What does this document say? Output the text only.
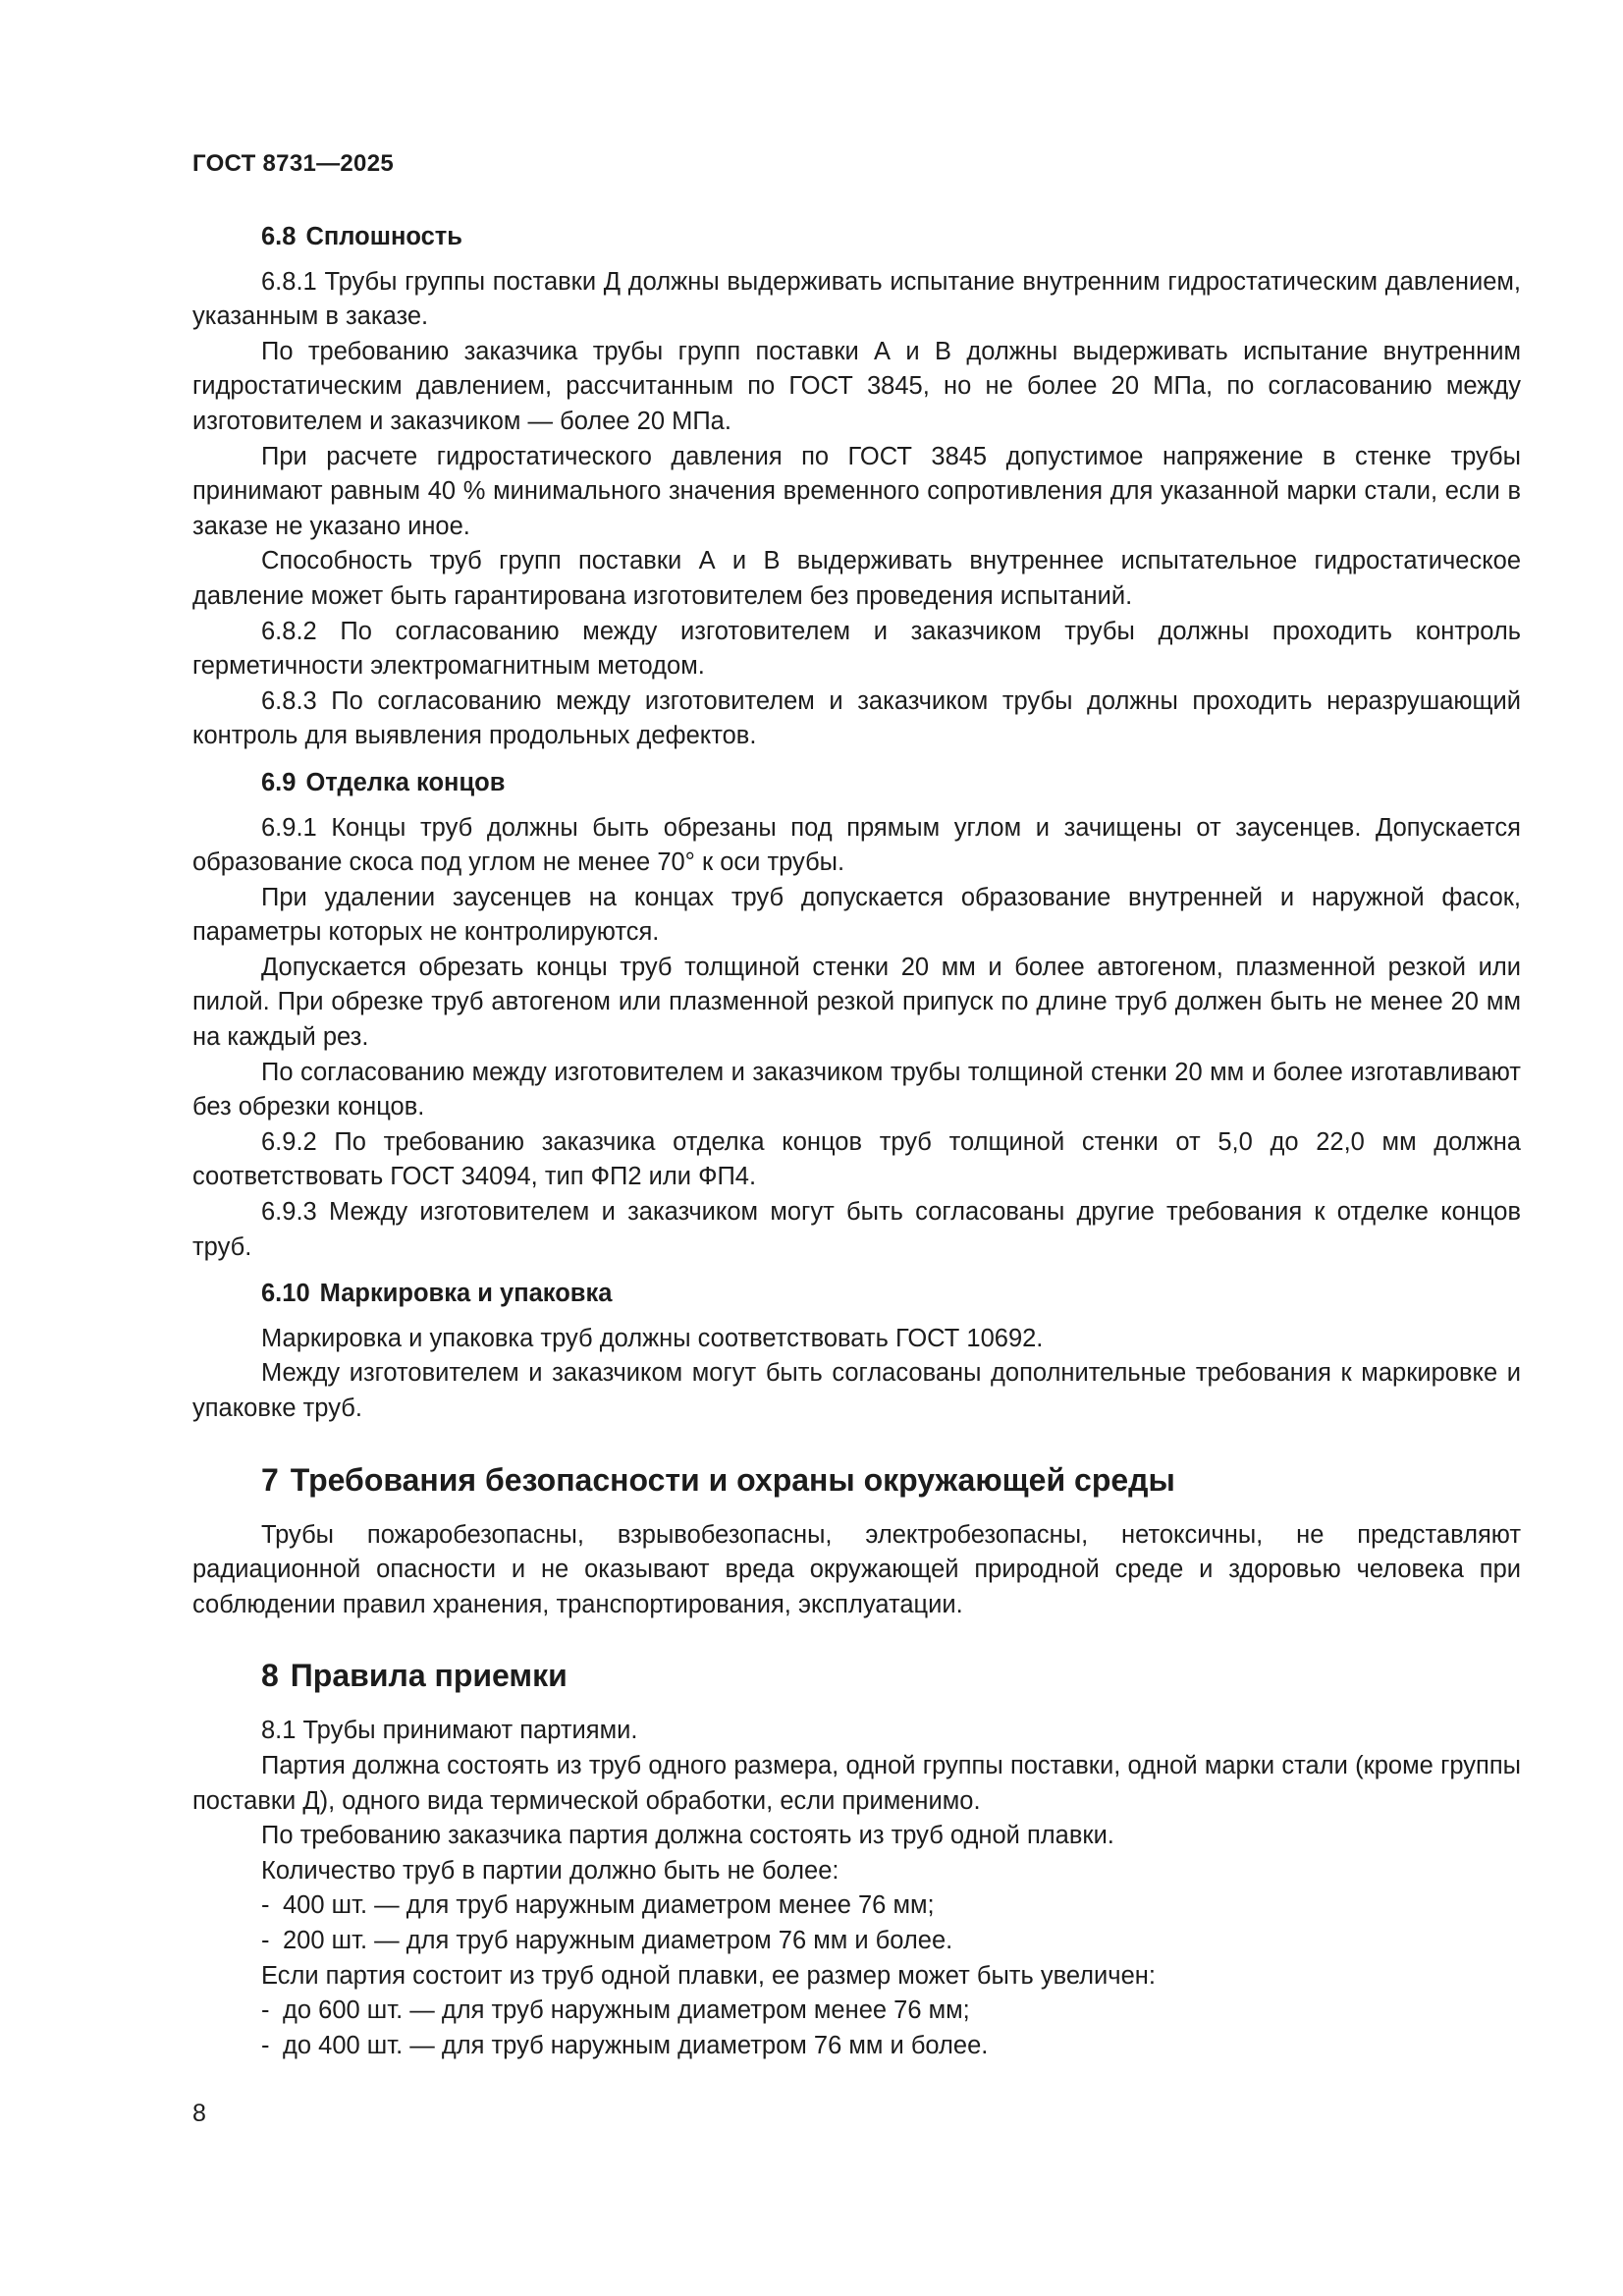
ГОСТ 8731—2025
6.8 Сплошность

6.8.1 Трубы группы поставки Д должны выдерживать испытание внутренним гидростатическим давлением, указанным в заказе.

По требованию заказчика трубы групп поставки А и В должны выдерживать испытание внутренним гидростатическим давлением, рассчитанным по ГОСТ 3845, но не более 20 МПа, по согласованию между изготовителем и заказчиком — более 20 МПа.

При расчете гидростатического давления по ГОСТ 3845 допустимое напряжение в стенке трубы принимают равным 40 % минимального значения временного сопротивления для указанной марки стали, если в заказе не указано иное.

Способность труб групп поставки А и В выдерживать внутреннее испытательное гидростатическое давление может быть гарантирована изготовителем без проведения испытаний.

6.8.2 По согласованию между изготовителем и заказчиком трубы должны проходить контроль герметичности электромагнитным методом.

6.8.3 По согласованию между изготовителем и заказчиком трубы должны проходить неразрушающий контроль для выявления продольных дефектов.

6.9 Отделка концов

6.9.1 Концы труб должны быть обрезаны под прямым углом и зачищены от заусенцев. Допускается образование скоса под углом не менее 70° к оси трубы.

При удалении заусенцев на концах труб допускается образование внутренней и наружной фасок, параметры которых не контролируются.

Допускается обрезать концы труб толщиной стенки 20 мм и более автогеном, плазменной резкой или пилой. При обрезке труб автогеном или плазменной резкой припуск по длине труб должен быть не менее 20 мм на каждый рез.

По согласованию между изготовителем и заказчиком трубы толщиной стенки 20 мм и более изготавливают без обрезки концов.

6.9.2 По требованию заказчика отделка концов труб толщиной стенки от 5,0 до 22,0 мм должна соответствовать ГОСТ 34094, тип ФП2 или ФП4.

6.9.3 Между изготовителем и заказчиком могут быть согласованы другие требования к отделке концов труб.

6.10 Маркировка и упаковка

Маркировка и упаковка труб должны соответствовать ГОСТ 10692.

Между изготовителем и заказчиком могут быть согласованы дополнительные требования к маркировке и упаковке труб.

7 Требования безопасности и охраны окружающей среды

Трубы пожаробезопасны, взрывобезопасны, электробезопасны, нетоксичны, не представляют радиационной опасности и не оказывают вреда окружающей природной среде и здоровью человека при соблюдении правил хранения, транспортирования, эксплуатации.

8 Правила приемки

8.1 Трубы принимают партиями.

Партия должна состоять из труб одного размера, одной группы поставки, одной марки стали (кроме группы поставки Д), одного вида термической обработки, если применимо.

По требованию заказчика партия должна состоять из труб одной плавки.

Количество труб в партии должно быть не более:

- 400 шт. — для труб наружным диаметром менее 76 мм;
- 200 шт. — для труб наружным диаметром 76 мм и более.

Если партия состоит из труб одной плавки, ее размер может быть увеличен:

- до 600 шт. — для труб наружным диаметром менее 76 мм;
- до 400 шт. — для труб наружным диаметром 76 мм и более.
8
